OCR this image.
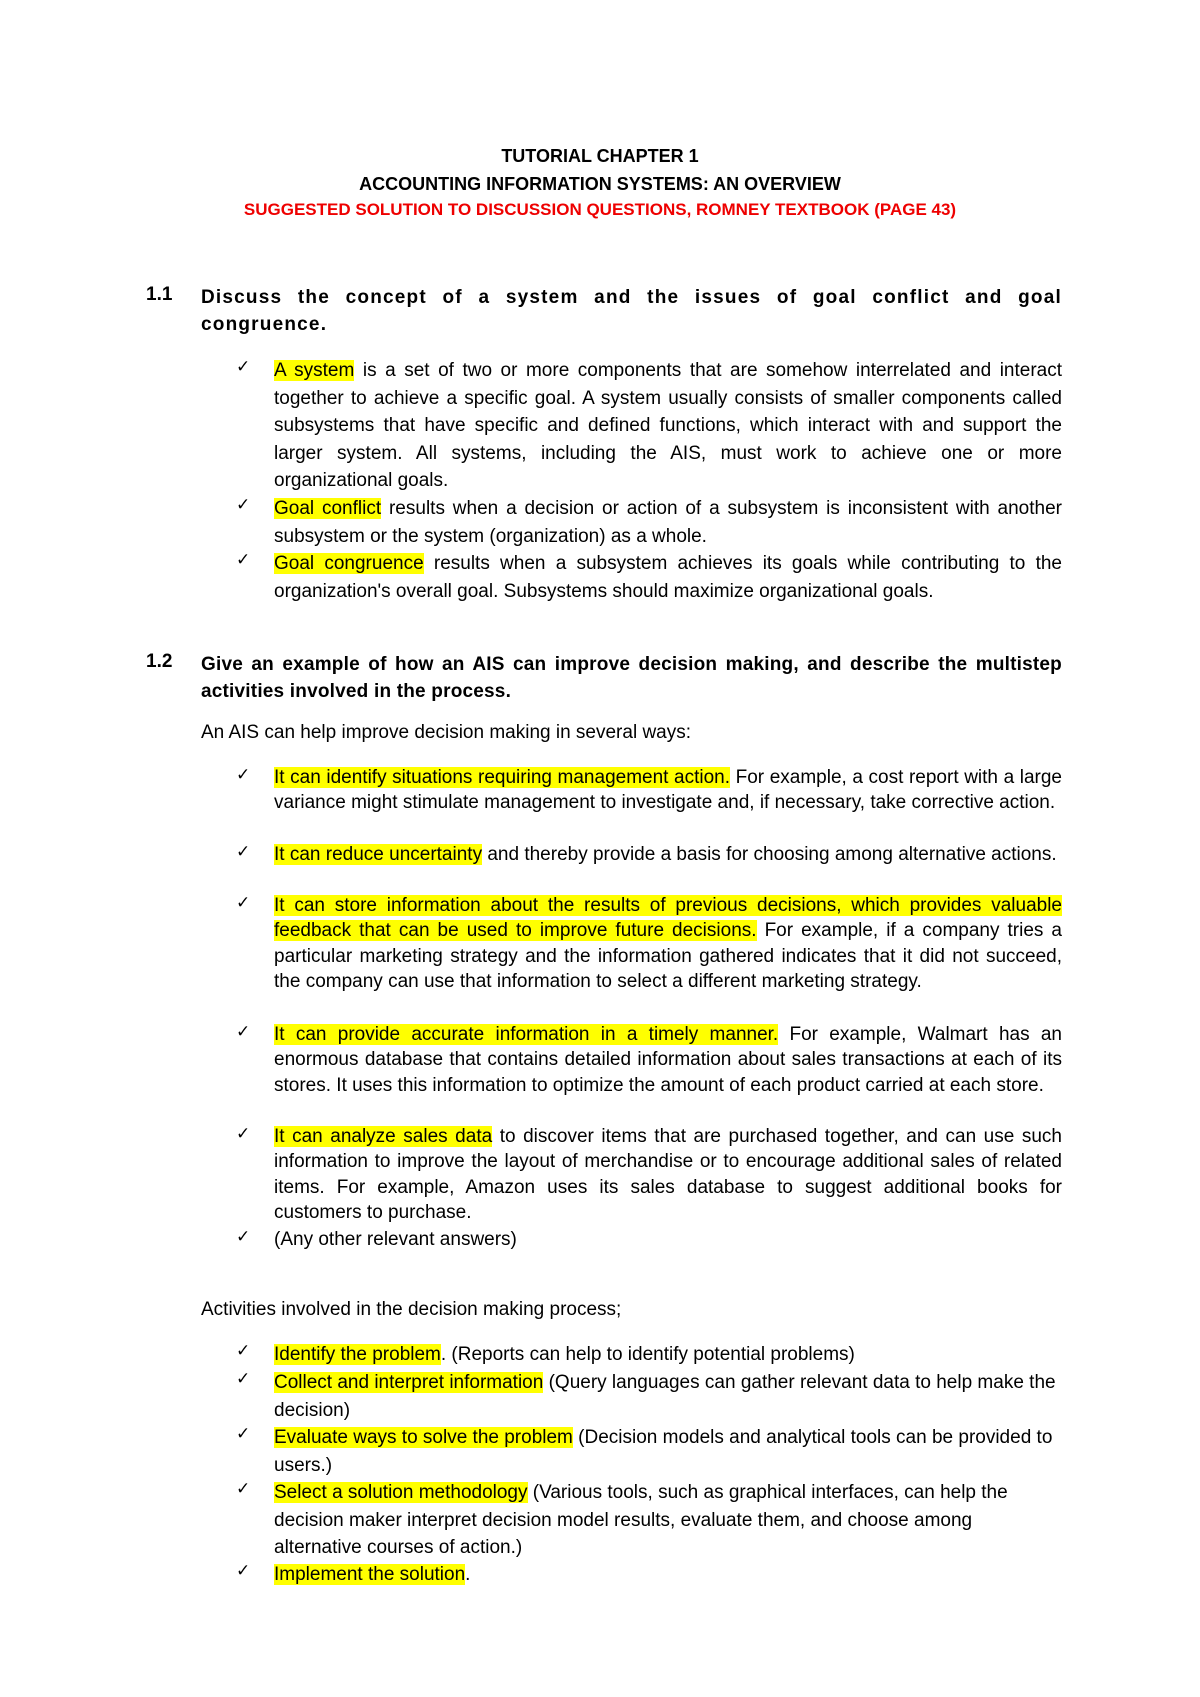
TUTORIAL CHAPTER 1
ACCOUNTING INFORMATION SYSTEMS: AN OVERVIEW
SUGGESTED SOLUTION TO DISCUSSION QUESTIONS, ROMNEY TEXTBOOK (PAGE 43)
1.1 Discuss the concept of a system and the issues of goal conflict and goal congruence.
✓ A system is a set of two or more components that are somehow interrelated and interact together to achieve a specific goal. A system usually consists of smaller components called subsystems that have specific and defined functions, which interact with and support the larger system. All systems, including the AIS, must work to achieve one or more organizational goals.
✓ Goal conflict results when a decision or action of a subsystem is inconsistent with another subsystem or the system (organization) as a whole.
✓ Goal congruence results when a subsystem achieves its goals while contributing to the organization's overall goal. Subsystems should maximize organizational goals.
1.2 Give an example of how an AIS can improve decision making, and describe the multistep activities involved in the process.
An AIS can help improve decision making in several ways:
✓ It can identify situations requiring management action. For example, a cost report with a large variance might stimulate management to investigate and, if necessary, take corrective action.
✓ It can reduce uncertainty and thereby provide a basis for choosing among alternative actions.
✓ It can store information about the results of previous decisions, which provides valuable feedback that can be used to improve future decisions. For example, if a company tries a particular marketing strategy and the information gathered indicates that it did not succeed, the company can use that information to select a different marketing strategy.
✓ It can provide accurate information in a timely manner. For example, Walmart has an enormous database that contains detailed information about sales transactions at each of its stores. It uses this information to optimize the amount of each product carried at each store.
✓ It can analyze sales data to discover items that are purchased together, and can use such information to improve the layout of merchandise or to encourage additional sales of related items. For example, Amazon uses its sales database to suggest additional books for customers to purchase.
✓ (Any other relevant answers)
Activities involved in the decision making process;
✓ Identify the problem. (Reports can help to identify potential problems)
✓ Collect and interpret information (Query languages can gather relevant data to help make the decision)
✓ Evaluate ways to solve the problem (Decision models and analytical tools can be provided to users.)
✓ Select a solution methodology (Various tools, such as graphical interfaces, can help the decision maker interpret decision model results, evaluate them, and choose among alternative courses of action.)
✓ Implement the solution.
